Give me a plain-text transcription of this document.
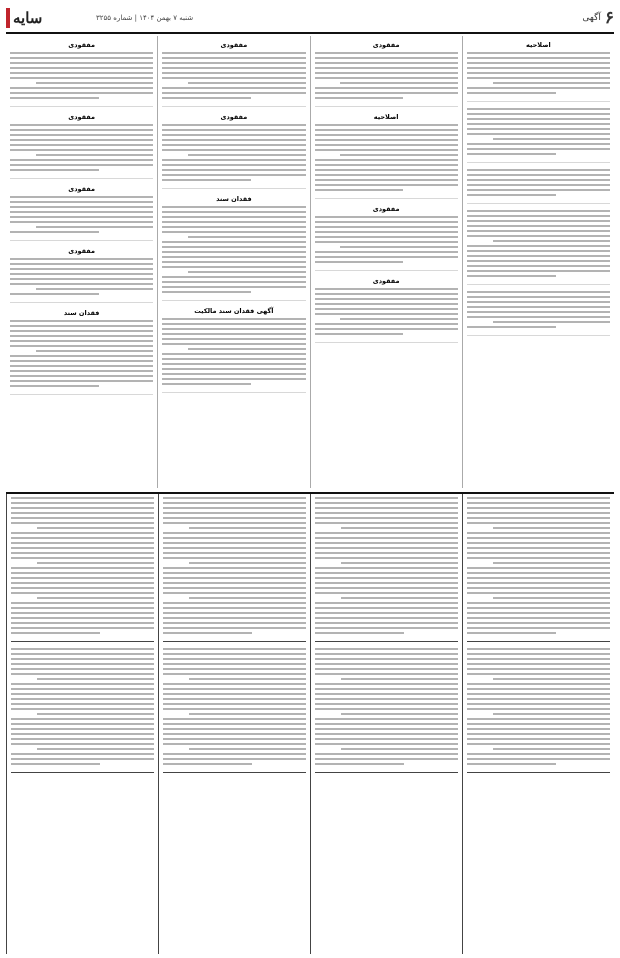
سایه	شنبه ۷ بهمن ۱۴۰۴ | شماره ۳۲۵۵	۶
آگهی
اصلاحیه
مفقودی
اصلاحیه
مفقودی
مفقودی
مفقودی
مفقودی
فقدان سند
آگهی فقدان سند مالکیت
مفقودی
مفقودی
مفقودی
مفقودی
فقدان سند
